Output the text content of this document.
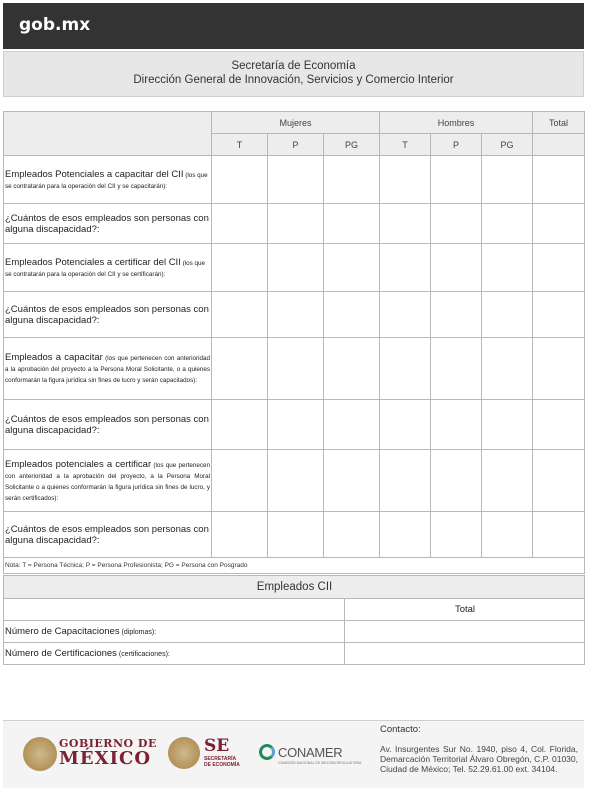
gob.mx
Secretaría de Economía
Dirección General de Innovación, Servicios y Comercio Interior
	Mujeres			Hombres			Total
	T	P	PG	T	P	PG	
Empleados Potenciales a capacitar del CII (los que se contratarán para la operación del CII y se capacitarán):							
¿Cuántos de esos empleados son personas con alguna discapacidad?:							
Empleados Potenciales a certificar del CII (los que se contratarán para la operación del CII y se certificarán):							
¿Cuántos de esos empleados son personas con alguna discapacidad?:							
Empleados a capacitar (los que pertenecen con anterioridad a la aprobación del proyecto a la Persona Moral Solicitante, o a quienes conformarán la figura jurídica sin fines de lucro y serán capacitados):							
¿Cuántos de esos empleados son personas con alguna discapacidad?:							
Empleados potenciales a certificar (los que pertenecen con anterioridad a la aprobación del proyecto, a la Persona Moral Solicitante o a quienes conformarán la figura jurídica sin fines de lucro, y serán certificados):							
¿Cuántos de esos empleados son personas con alguna discapacidad?:							
Nota: T = Persona Técnica; P = Persona Profesionista; PG = Persona con Posgrado							
Empleados CII	
	Total
Número de Capacitaciones (diplomas):	
Número de Certificaciones (certificaciones):	
GOBIERNO DE
MÉXICO
SE
SECRETARÍA
DE ECONOMÍA
CONAMER
COMISIÓN NACIONAL DE MEJORA REGULATORIA
Contacto:
Av. Insurgentes Sur No. 1940, piso 4, Col. Florida, Demarcación Territorial Álvaro Obregón, C.P. 01030, Ciudad de México; Tel. 52.29.61.00 ext. 34104.
